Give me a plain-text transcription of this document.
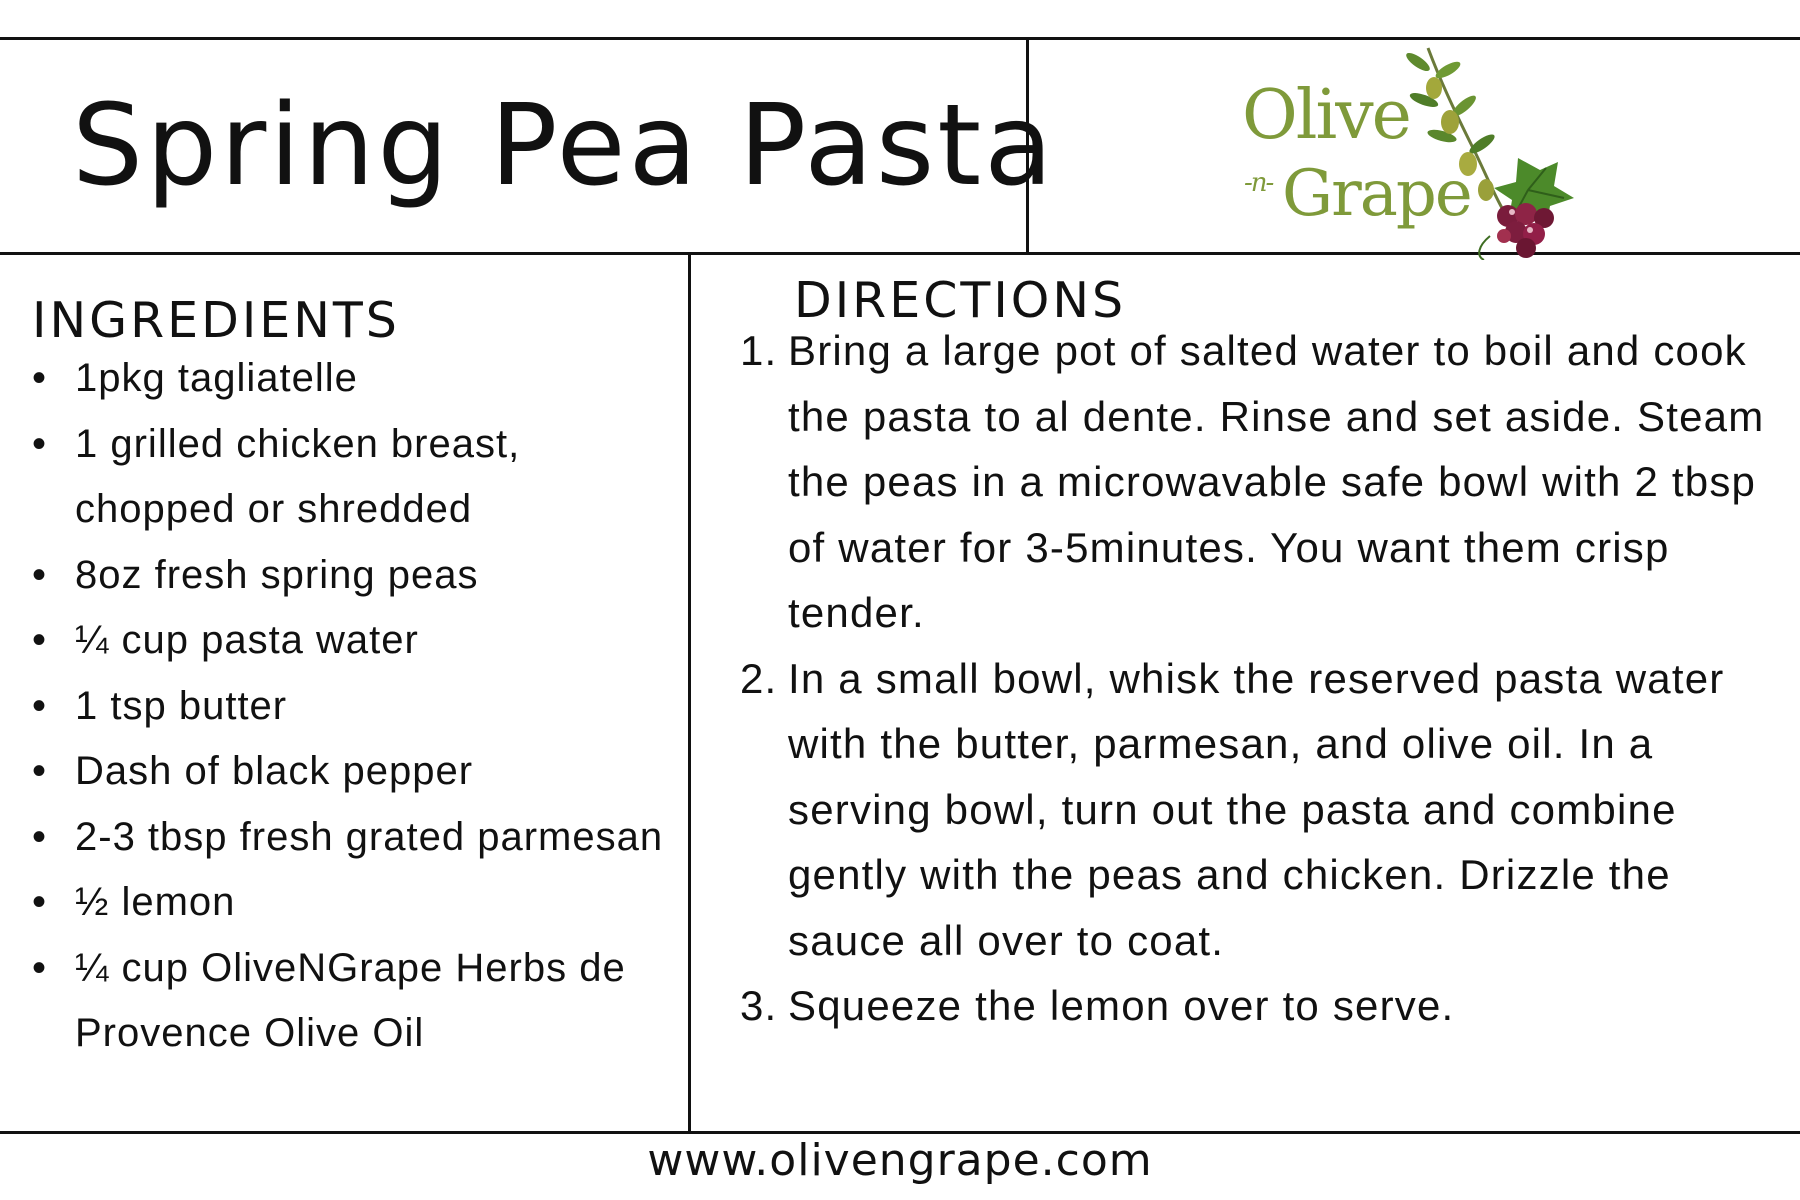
Spring Pea Pasta	Olive
-n- Grape
INGREDIENTS
• 1pkg tagliatelle
• 1 grilled chicken breast, chopped or shredded
• 8oz fresh spring peas
• ¼ cup pasta water
• 1 tsp butter
• Dash of black pepper
• 2-3 tbsp fresh grated parmesan
• ½ lemon
• ¼ cup OliveNGrape Herbs de Provence Olive Oil
DIRECTIONS
1. Bring a large pot of salted water to boil and cook the pasta to al dente. Rinse and set aside. Steam the peas in a microwavable safe bowl with 2 tbsp of water for 3-5minutes. You want them crisp tender.
2. In a small bowl, whisk the reserved pasta water with the butter, parmesan, and olive oil. In a serving bowl, turn out the pasta and combine gently with the peas and chicken. Drizzle the sauce all over to coat.
3. Squeeze the lemon over to serve.

www.olivengrape.com
